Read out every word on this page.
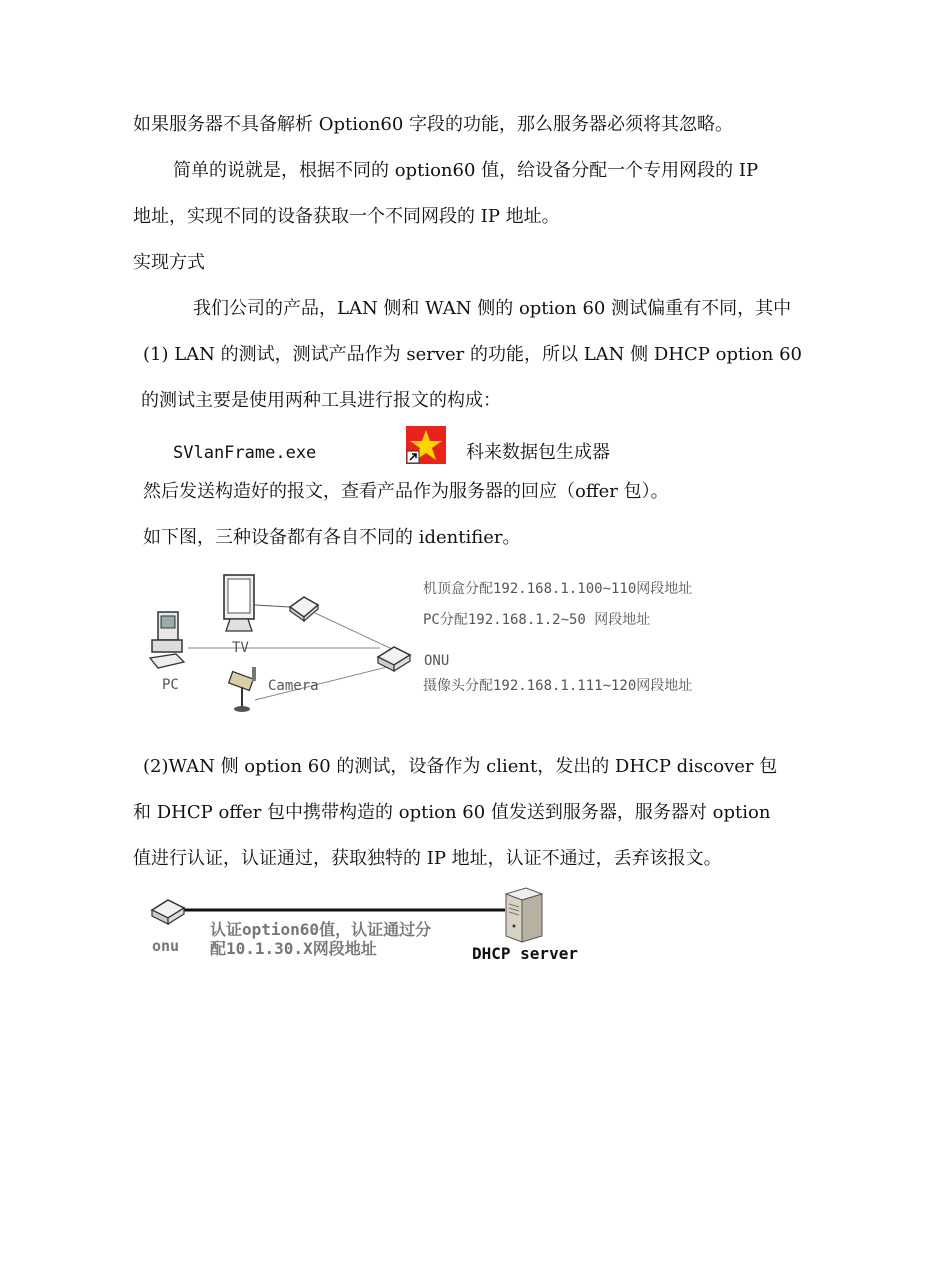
如果服务器不具备解析 Option60 字段的功能，那么服务器必须将其忽略。
简单的说就是，根据不同的 option60 值，给设备分配一个专用网段的 IP
地址，实现不同的设备获取一个不同网段的 IP 地址。
实现方式
我们公司的产品，LAN 侧和 WAN 侧的 option 60 测试偏重有不同，其中
(1) LAN 的测试，测试产品作为 server 的功能，所以 LAN 侧 DHCP option 60
的测试主要是使用两种工具进行报文的构成：
SVlanFrame.exe	科来数据包生成器
然后发送构造好的报文，查看产品作为服务器的回应（offer 包）。
如下图，三种设备都有各自不同的 identifier。
PC
TV
ONU
Camera
机顶盒分配192.168.1.100~110网段地址
PC分配192.168.1.2~50 网段地址
摄像头分配192.168.1.111~120网段地址
(2)WAN 侧 option 60 的测试，设备作为 client，发出的 DHCP discover 包
和 DHCP offer 包中携带构造的 option 60 值发送到服务器，服务器对 option
值进行认证，认证通过，获取独特的 IP 地址，认证不通过，丢弃该报文。
onu
认证option60值，认证通过分
配10.1.30.X网段地址	DHCP server
